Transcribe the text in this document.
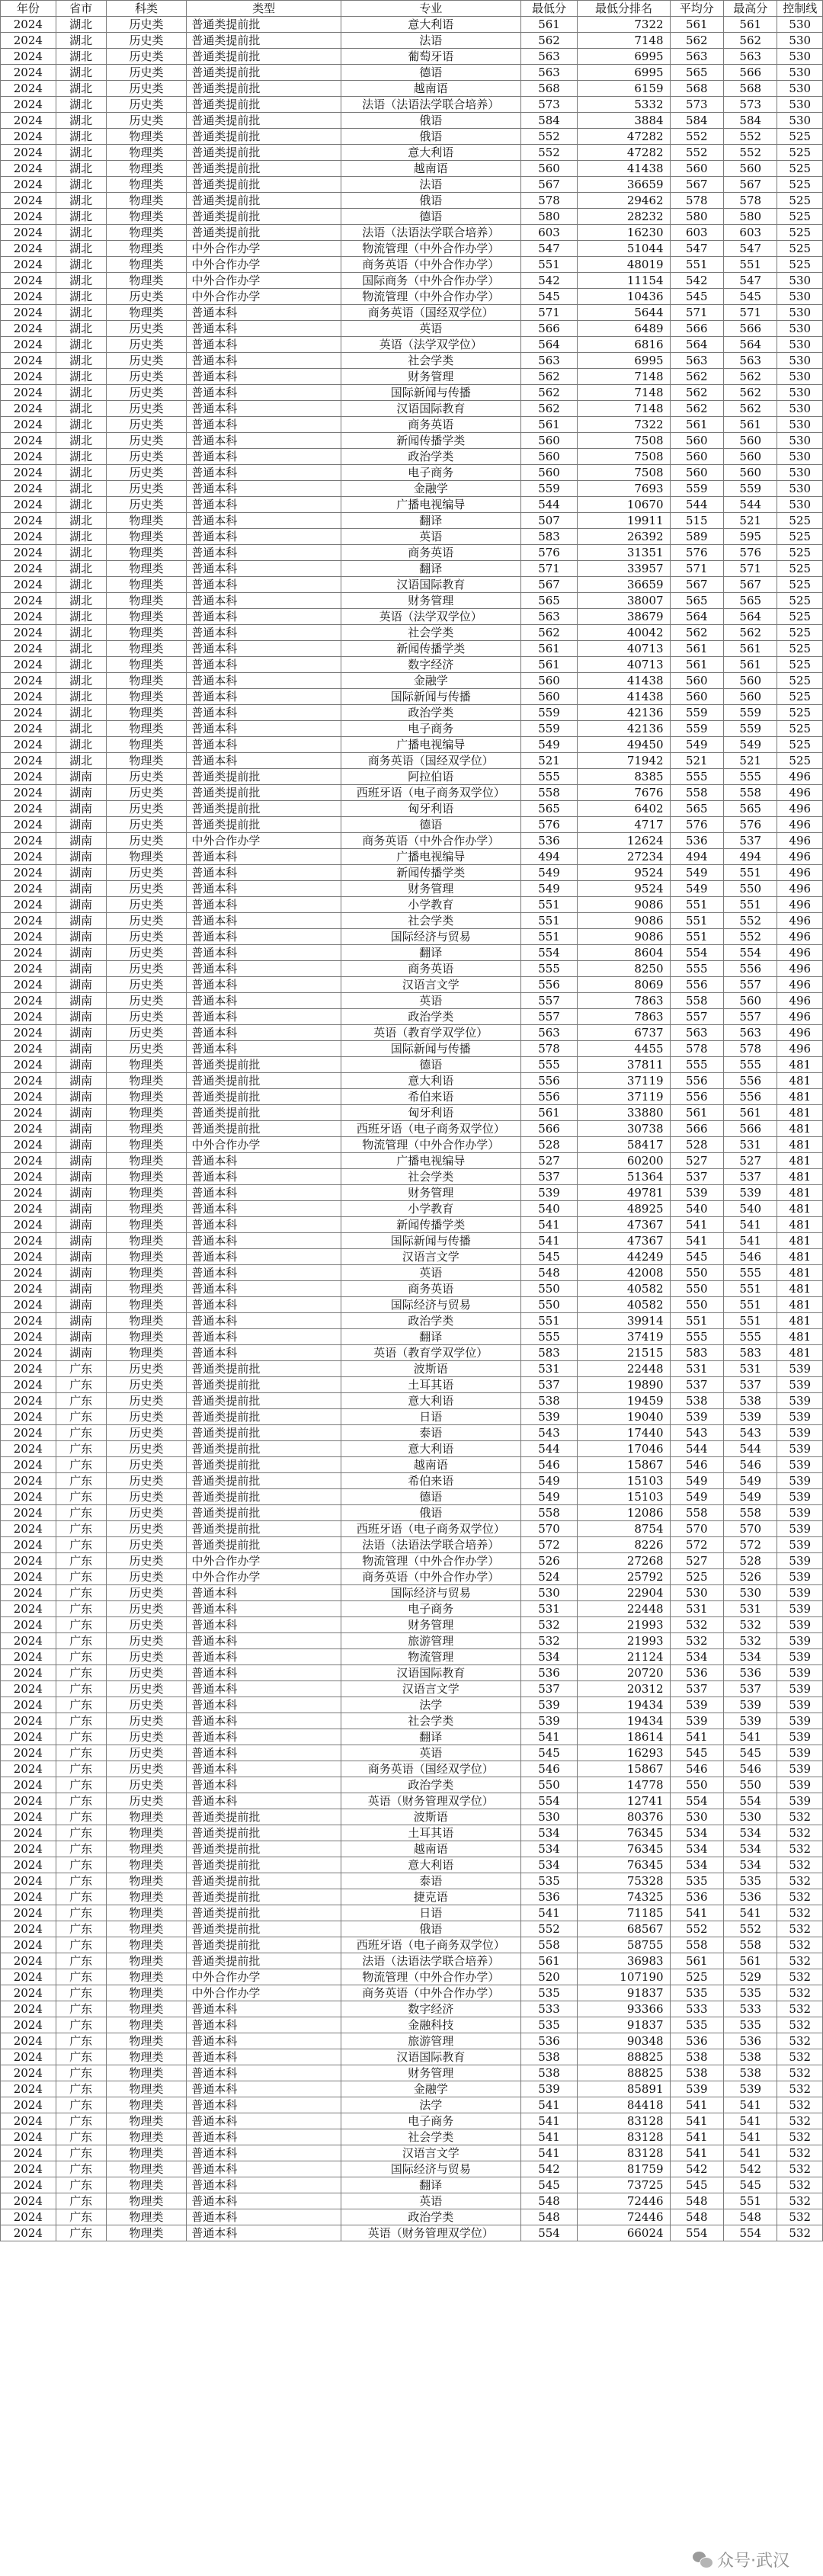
年份	省市	科类	类型	专业	最低分	最低分排名	平均分	最高分	控制线
2024	湖北	历史类	普通类提前批	意大利语	561	7322	561	561	530
2024	湖北	历史类	普通类提前批	法语	562	7148	562	562	530
2024	湖北	历史类	普通类提前批	葡萄牙语	563	6995	563	563	530
2024	湖北	历史类	普通类提前批	德语	563	6995	565	566	530
2024	湖北	历史类	普通类提前批	越南语	568	6159	568	568	530
2024	湖北	历史类	普通类提前批	法语（法语法学联合培养）	573	5332	573	573	530
2024	湖北	历史类	普通类提前批	俄语	584	3884	584	584	530
2024	湖北	物理类	普通类提前批	俄语	552	47282	552	552	525
2024	湖北	物理类	普通类提前批	意大利语	552	47282	552	552	525
2024	湖北	物理类	普通类提前批	越南语	560	41438	560	560	525
2024	湖北	物理类	普通类提前批	法语	567	36659	567	567	525
2024	湖北	物理类	普通类提前批	俄语	578	29462	578	578	525
2024	湖北	物理类	普通类提前批	德语	580	28232	580	580	525
2024	湖北	物理类	普通类提前批	法语（法语法学联合培养）	603	16230	603	603	525
2024	湖北	物理类	中外合作办学	物流管理（中外合作办学）	547	51044	547	547	525
2024	湖北	物理类	中外合作办学	商务英语（中外合作办学）	551	48019	551	551	525
2024	湖北	物理类	中外合作办学	国际商务（中外合作办学）	542	11154	542	547	530
2024	湖北	历史类	中外合作办学	物流管理（中外合作办学）	545	10436	545	545	530
2024	湖北	物理类	普通本科	商务英语（国经双学位）	571	5644	571	571	530
2024	湖北	历史类	普通本科	英语	566	6489	566	566	530
2024	湖北	历史类	普通本科	英语（法学双学位）	564	6816	564	564	530
2024	湖北	历史类	普通本科	社会学类	563	6995	563	563	530
2024	湖北	历史类	普通本科	财务管理	562	7148	562	562	530
2024	湖北	历史类	普通本科	国际新闻与传播	562	7148	562	562	530
2024	湖北	历史类	普通本科	汉语国际教育	562	7148	562	562	530
2024	湖北	历史类	普通本科	商务英语	561	7322	561	561	530
2024	湖北	历史类	普通本科	新闻传播学类	560	7508	560	560	530
2024	湖北	历史类	普通本科	政治学类	560	7508	560	560	530
2024	湖北	历史类	普通本科	电子商务	560	7508	560	560	530
2024	湖北	历史类	普通本科	金融学	559	7693	559	559	530
2024	湖北	历史类	普通本科	广播电视编导	544	10670	544	544	530
2024	湖北	物理类	普通本科	翻译	507	19911	515	521	525
2024	湖北	物理类	普通本科	英语	583	26392	589	595	525
2024	湖北	物理类	普通本科	商务英语	576	31351	576	576	525
2024	湖北	物理类	普通本科	翻译	571	33957	571	571	525
2024	湖北	物理类	普通本科	汉语国际教育	567	36659	567	567	525
2024	湖北	物理类	普通本科	财务管理	565	38007	565	565	525
2024	湖北	物理类	普通本科	英语（法学双学位）	563	38679	564	564	525
2024	湖北	物理类	普通本科	社会学类	562	40042	562	562	525
2024	湖北	物理类	普通本科	新闻传播学类	561	40713	561	561	525
2024	湖北	物理类	普通本科	数字经济	561	40713	561	561	525
2024	湖北	物理类	普通本科	金融学	560	41438	560	560	525
2024	湖北	物理类	普通本科	国际新闻与传播	560	41438	560	560	525
2024	湖北	物理类	普通本科	政治学类	559	42136	559	559	525
2024	湖北	物理类	普通本科	电子商务	559	42136	559	559	525
2024	湖北	物理类	普通本科	广播电视编导	549	49450	549	549	525
2024	湖北	物理类	普通本科	商务英语（国经双学位）	521	71942	521	521	525
2024	湖南	历史类	普通类提前批	阿拉伯语	555	8385	555	555	496
2024	湖南	历史类	普通类提前批	西班牙语（电子商务双学位）	558	7676	558	558	496
2024	湖南	历史类	普通类提前批	匈牙利语	565	6402	565	565	496
2024	湖南	历史类	普通类提前批	德语	576	4717	576	576	496
2024	湖南	历史类	中外合作办学	商务英语（中外合作办学）	536	12624	536	537	496
2024	湖南	物理类	普通本科	广播电视编导	494	27234	494	494	496
2024	湖南	历史类	普通本科	新闻传播学类	549	9524	549	551	496
2024	湖南	历史类	普通本科	财务管理	549	9524	549	550	496
2024	湖南	历史类	普通本科	小学教育	551	9086	551	551	496
2024	湖南	历史类	普通本科	社会学类	551	9086	551	552	496
2024	湖南	历史类	普通本科	国际经济与贸易	551	9086	551	552	496
2024	湖南	历史类	普通本科	翻译	554	8604	554	554	496
2024	湖南	历史类	普通本科	商务英语	555	8250	555	556	496
2024	湖南	历史类	普通本科	汉语言文学	556	8069	556	557	496
2024	湖南	历史类	普通本科	英语	557	7863	558	560	496
2024	湖南	历史类	普通本科	政治学类	557	7863	557	557	496
2024	湖南	历史类	普通本科	英语（教育学双学位）	563	6737	563	563	496
2024	湖南	历史类	普通本科	国际新闻与传播	578	4455	578	578	496
2024	湖南	物理类	普通类提前批	德语	555	37811	555	555	481
2024	湖南	物理类	普通类提前批	意大利语	556	37119	556	556	481
2024	湖南	物理类	普通类提前批	希伯来语	556	37119	556	556	481
2024	湖南	物理类	普通类提前批	匈牙利语	561	33880	561	561	481
2024	湖南	物理类	普通类提前批	西班牙语（电子商务双学位）	566	30738	566	566	481
2024	湖南	物理类	中外合作办学	物流管理（中外合作办学）	528	58417	528	531	481
2024	湖南	物理类	普通本科	广播电视编导	527	60200	527	527	481
2024	湖南	物理类	普通本科	社会学类	537	51364	537	537	481
2024	湖南	物理类	普通本科	财务管理	539	49781	539	539	481
2024	湖南	物理类	普通本科	小学教育	540	48925	540	540	481
2024	湖南	物理类	普通本科	新闻传播学类	541	47367	541	541	481
2024	湖南	物理类	普通本科	国际新闻与传播	541	47367	541	541	481
2024	湖南	物理类	普通本科	汉语言文学	545	44249	545	546	481
2024	湖南	物理类	普通本科	英语	548	42008	550	555	481
2024	湖南	物理类	普通本科	商务英语	550	40582	550	551	481
2024	湖南	物理类	普通本科	国际经济与贸易	550	40582	550	551	481
2024	湖南	物理类	普通本科	政治学类	551	39914	551	551	481
2024	湖南	物理类	普通本科	翻译	555	37419	555	555	481
2024	湖南	物理类	普通本科	英语（教育学双学位）	583	21515	583	583	481
2024	广东	历史类	普通类提前批	波斯语	531	22448	531	531	539
2024	广东	历史类	普通类提前批	土耳其语	537	19890	537	537	539
2024	广东	历史类	普通类提前批	意大利语	538	19459	538	538	539
2024	广东	历史类	普通类提前批	日语	539	19040	539	539	539
2024	广东	历史类	普通类提前批	泰语	543	17440	543	543	539
2024	广东	历史类	普通类提前批	意大利语	544	17046	544	544	539
2024	广东	历史类	普通类提前批	越南语	546	15867	546	546	539
2024	广东	历史类	普通类提前批	希伯来语	549	15103	549	549	539
2024	广东	历史类	普通类提前批	德语	549	15103	549	549	539
2024	广东	历史类	普通类提前批	俄语	558	12086	558	558	539
2024	广东	历史类	普通类提前批	西班牙语（电子商务双学位）	570	8754	570	570	539
2024	广东	历史类	普通类提前批	法语（法语法学联合培养）	572	8226	572	572	539
2024	广东	历史类	中外合作办学	物流管理（中外合作办学）	526	27268	527	528	539
2024	广东	历史类	中外合作办学	商务英语（中外合作办学）	524	25792	525	526	539
2024	广东	历史类	普通本科	国际经济与贸易	530	22904	530	530	539
2024	广东	历史类	普通本科	电子商务	531	22448	531	531	539
2024	广东	历史类	普通本科	财务管理	532	21993	532	532	539
2024	广东	历史类	普通本科	旅游管理	532	21993	532	532	539
2024	广东	历史类	普通本科	物流管理	534	21124	534	534	539
2024	广东	历史类	普通本科	汉语国际教育	536	20720	536	536	539
2024	广东	历史类	普通本科	汉语言文学	537	20312	537	537	539
2024	广东	历史类	普通本科	法学	539	19434	539	539	539
2024	广东	历史类	普通本科	社会学类	539	19434	539	539	539
2024	广东	历史类	普通本科	翻译	541	18614	541	541	539
2024	广东	历史类	普通本科	英语	545	16293	545	545	539
2024	广东	历史类	普通本科	商务英语（国经双学位）	546	15867	546	546	539
2024	广东	历史类	普通本科	政治学类	550	14778	550	550	539
2024	广东	历史类	普通本科	英语（财务管理双学位）	554	12741	554	554	539
2024	广东	物理类	普通类提前批	波斯语	530	80376	530	530	532
2024	广东	物理类	普通类提前批	土耳其语	534	76345	534	534	532
2024	广东	物理类	普通类提前批	越南语	534	76345	534	534	532
2024	广东	物理类	普通类提前批	意大利语	534	76345	534	534	532
2024	广东	物理类	普通类提前批	泰语	535	75328	535	535	532
2024	广东	物理类	普通类提前批	捷克语	536	74325	536	536	532
2024	广东	物理类	普通类提前批	日语	541	71185	541	541	532
2024	广东	物理类	普通类提前批	俄语	552	68567	552	552	532
2024	广东	物理类	普通类提前批	西班牙语（电子商务双学位）	558	58755	558	558	532
2024	广东	物理类	普通类提前批	法语（法语法学联合培养）	561	36983	561	561	532
2024	广东	物理类	中外合作办学	物流管理（中外合作办学）	520	107190	525	529	532
2024	广东	物理类	中外合作办学	商务英语（中外合作办学）	535	91837	535	535	532
2024	广东	物理类	普通本科	数字经济	533	93366	533	533	532
2024	广东	物理类	普通本科	金融科技	535	91837	535	535	532
2024	广东	物理类	普通本科	旅游管理	536	90348	536	536	532
2024	广东	物理类	普通本科	汉语国际教育	538	88825	538	538	532
2024	广东	物理类	普通本科	财务管理	538	88825	538	538	532
2024	广东	物理类	普通本科	金融学	539	85891	539	539	532
2024	广东	物理类	普通本科	法学	541	84418	541	541	532
2024	广东	物理类	普通本科	电子商务	541	83128	541	541	532
2024	广东	物理类	普通本科	社会学类	541	83128	541	541	532
2024	广东	物理类	普通本科	汉语言文学	541	83128	541	541	532
2024	广东	物理类	普通本科	国际经济与贸易	542	81759	542	542	532
2024	广东	物理类	普通本科	翻译	545	73725	545	545	532
2024	广东	物理类	普通本科	英语	548	72446	548	551	532
2024	广东	物理类	普通本科	政治学类	548	72446	548	548	532
2024	广东	物理类	普通本科	英语（财务管理双学位）	554	66024	554	554	532
众号·武汉
